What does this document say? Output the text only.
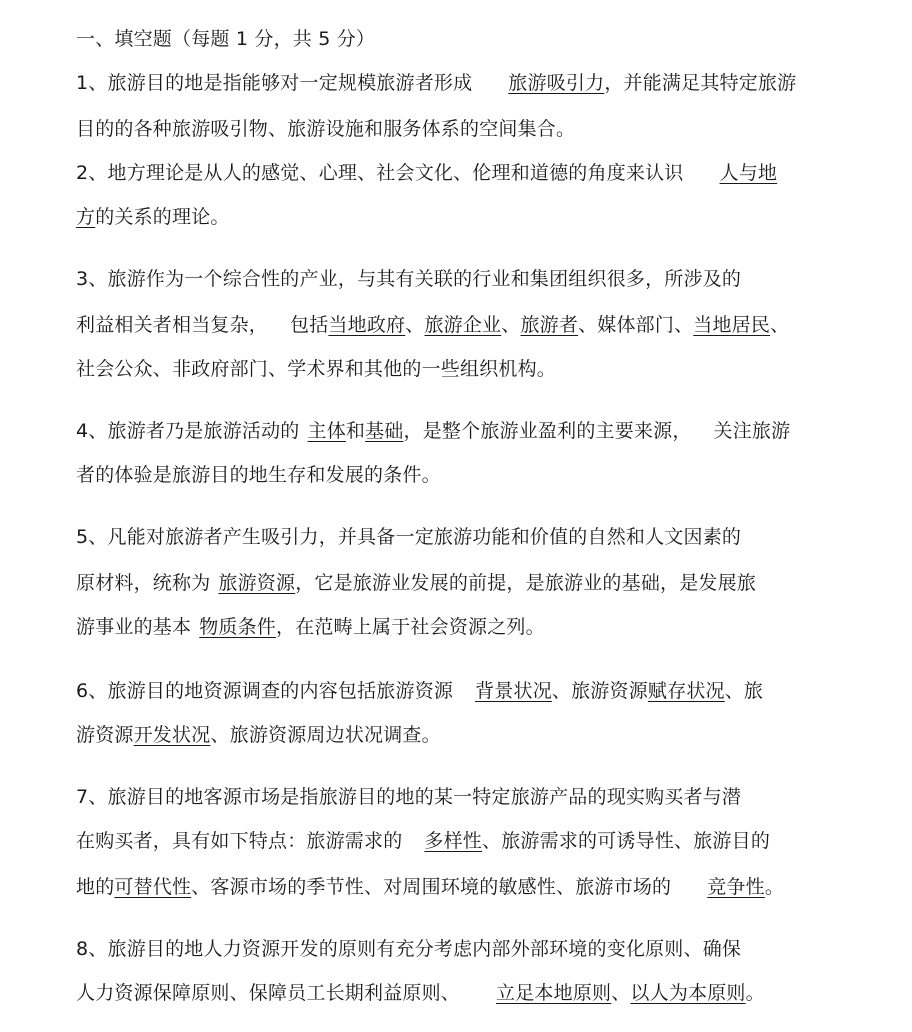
一、填空题（每题 1 分，共 5 分）
1、旅游目的地是指能够对一定规模旅游者形成 旅游吸引力，并能满足其特定旅游
目的的各种旅游吸引物、旅游设施和服务体系的空间集合。
2、地方理论是从人的感觉、心理、社会文化、伦理和道德的角度来认识 人与地
方的关系的理论。
3、旅游作为一个综合性的产业，与其有关联的行业和集团组织很多，所涉及的
利益相关者相当复杂， 包括当地政府、旅游企业、旅游者、媒体部门、当地居民、
社会公众、非政府部门、学术界和其他的一些组织机构。
4、旅游者乃是旅游活动的 主体和基础，是整个旅游业盈利的主要来源， 关注旅游
者的体验是旅游目的地生存和发展的条件。
5、凡能对旅游者产生吸引力，并具备一定旅游功能和价值的自然和人文因素的
原材料，统称为 旅游资源，它是旅游业发展的前提，是旅游业的基础，是发展旅
游事业的基本 物质条件，在范畴上属于社会资源之列。
6、旅游目的地资源调查的内容包括旅游资源 背景状况、旅游资源赋存状况、旅
游资源开发状况、旅游资源周边状况调查。
7、旅游目的地客源市场是指旅游目的地的某一特定旅游产品的现实购买者与潜
在购买者，具有如下特点：旅游需求的 多样性、旅游需求的可诱导性、旅游目的
地的可替代性、客源市场的季节性、对周围环境的敏感性、旅游市场的 竞争性。
8、旅游目的地人力资源开发的原则有充分考虑内部外部环境的变化原则、确保
人力资源保障原则、保障员工长期利益原则、 立足本地原则、以人为本原则。
